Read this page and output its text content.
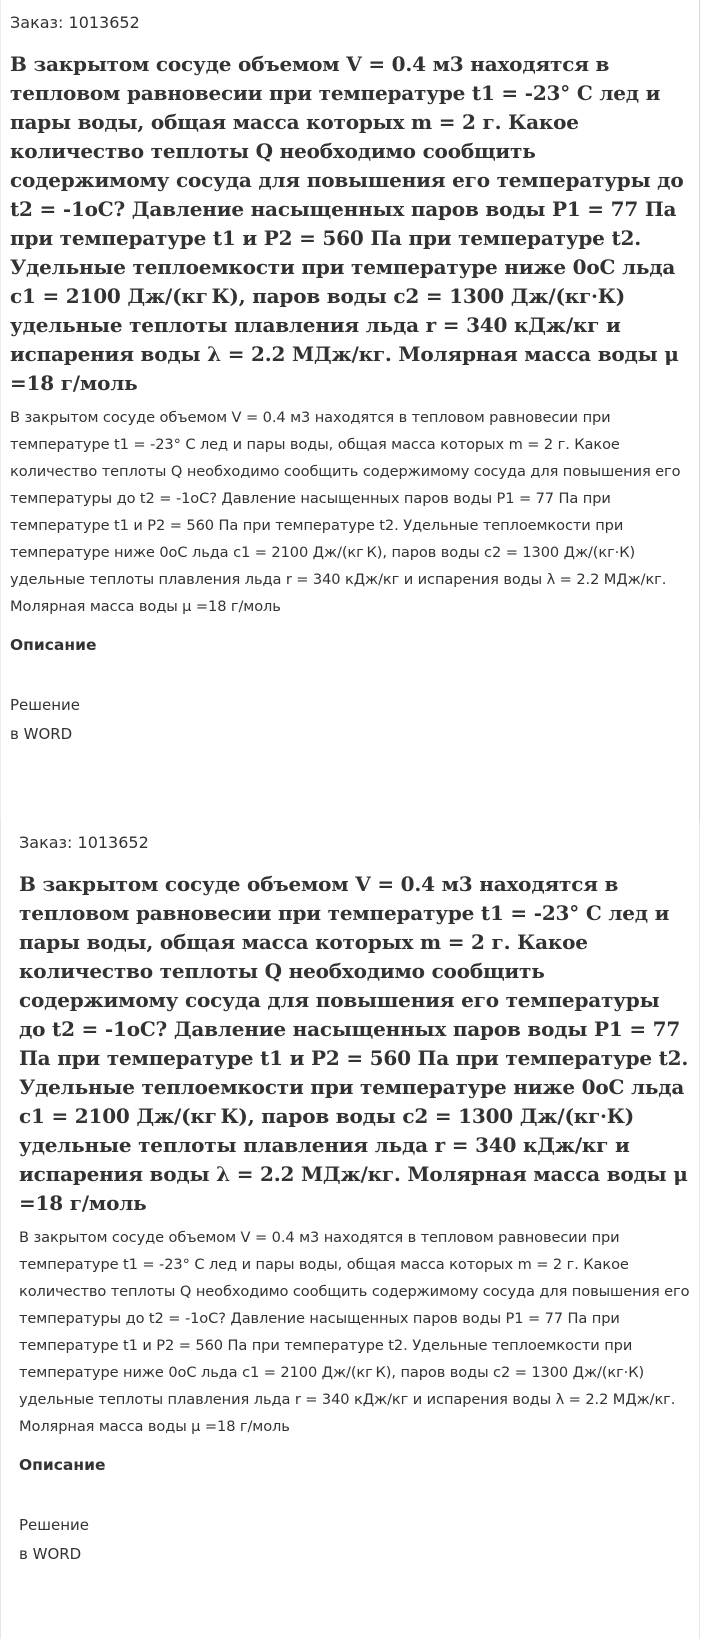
Заказ: 1013652
В закрытом сосуде объемом V = 0.4 м3 находятся в тепловом равновесии при температуре t1 = -23° С лед и пары воды, общая масса которых m = 2 г. Какое количество теплоты Q необходимо сообщить содержимому сосуда для повышения его температуры до t2 = -1оС? Давление насыщенных паров воды Р1 = 77 Па при температуре t1 и Р2 = 560 Па при температуре t2. Удельные теплоемкости при температуре ниже 0оС льда с1 = 2100 Дж/(кг К), паров воды с2 = 1300 Дж/(кг·К) удельные теплоты плавления льда r = 340 кДж/кг и испарения воды λ = 2.2 МДж/кг. Молярная масса воды μ =18 г/моль

В закрытом сосуде объемом V = 0.4 м3 находятся в тепловом равновесии при температуре t1 = -23° С лед и пары воды, общая масса которых m = 2 г. Какое количество теплоты Q необходимо сообщить содержимому сосуда для повышения его температуры до t2 = -1оС? Давление насыщенных паров воды Р1 = 77 Па при температуре t1 и Р2 = 560 Па при температуре t2. Удельные теплоемкости при температуре ниже 0оС льда с1 = 2100 Дж/(кг К), паров воды с2 = 1300 Дж/(кг·К) удельные теплоты плавления льда r = 340 кДж/кг и испарения воды λ = 2.2 МДж/кг. Молярная масса воды μ =18 г/моль

Описание
Решение
в WORD
Заказ: 1013652
В закрытом сосуде объемом V = 0.4 м3 находятся в тепловом равновесии при температуре t1 = -23° С лед и пары воды, общая масса которых m = 2 г. Какое количество теплоты Q необходимо сообщить содержимому сосуда для повышения его температуры до t2 = -1оС? Давление насыщенных паров воды Р1 = 77 Па при температуре t1 и Р2 = 560 Па при температуре t2. Удельные теплоемкости при температуре ниже 0оС льда с1 = 2100 Дж/(кг К), паров воды с2 = 1300 Дж/(кг·К) удельные теплоты плавления льда r = 340 кДж/кг и испарения воды λ = 2.2 МДж/кг. Молярная масса воды μ =18 г/моль

В закрытом сосуде объемом V = 0.4 м3 находятся в тепловом равновесии при температуре t1 = -23° С лед и пары воды, общая масса которых m = 2 г. Какое количество теплоты Q необходимо сообщить содержимому сосуда для повышения его температуры до t2 = -1оС? Давление насыщенных паров воды Р1 = 77 Па при температуре t1 и Р2 = 560 Па при температуре t2. Удельные теплоемкости при температуре ниже 0оС льда с1 = 2100 Дж/(кг К), паров воды с2 = 1300 Дж/(кг·К) удельные теплоты плавления льда r = 340 кДж/кг и испарения воды λ = 2.2 МДж/кг. Молярная масса воды μ =18 г/моль

Описание
Решение
в WORD
